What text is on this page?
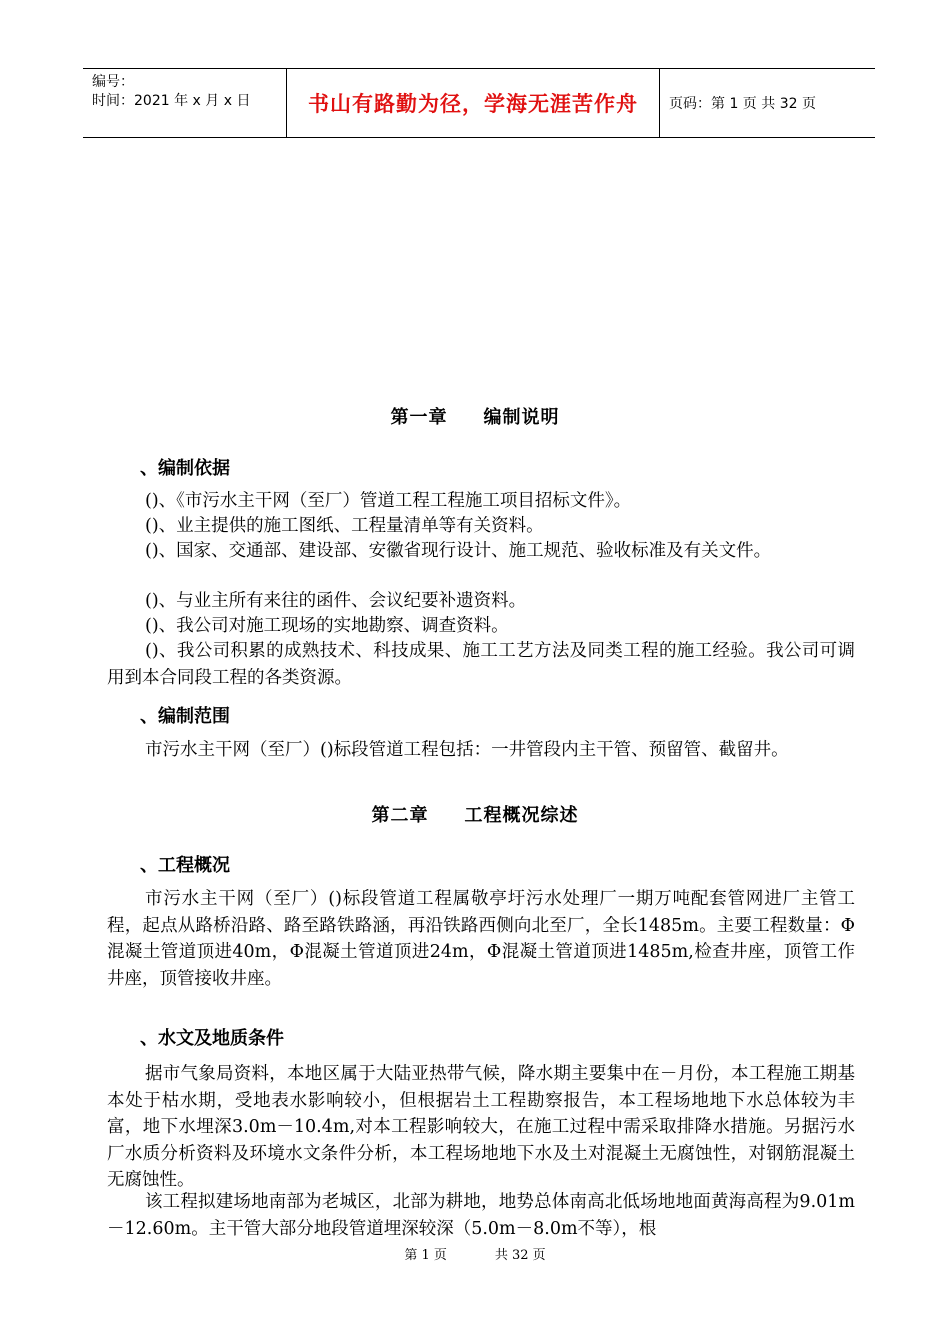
编号：
时间：2021 年 x 月 x 日	书山有路勤为径，学海无涯苦作舟	页码：第 1 页 共 32 页
第一章 编制说明
、编制依据
()、《市污水主干网（至厂）管道工程工程施工项目招标文件》。
()、业主提供的施工图纸、工程量清单等有关资料。
()、国家、交通部、建设部、安徽省现行设计、施工规范、验收标准及有关文件。
()、与业主所有来往的函件、会议纪要补遗资料。
()、我公司对施工现场的实地勘察、调查资料。
()、我公司积累的成熟技术、科技成果、施工工艺方法及同类工程的施工经验。我公司可调用到本合同段工程的各类资源。
、编制范围
市污水主干网（至厂）()标段管道工程包括：一井管段内主干管、预留管、截留井。
第二章 工程概况综述
、工程概况
市污水主干网（至厂）()标段管道工程属敬亭圩污水处理厂一期万吨配套管网进厂主管工程，起点从路桥沿路、路至路铁路涵，再沿铁路西侧向北至厂，全长1485m。主要工程数量：Φ混凝土管道顶进40m，Φ混凝土管道顶进24m，Φ混凝土管道顶进1485m,检查井座，顶管工作井座，顶管接收井座。
、水文及地质条件
据市气象局资料，本地区属于大陆亚热带气候，降水期主要集中在－月份，本工程施工期基本处于枯水期，受地表水影响较小，但根据岩土工程勘察报告，本工程场地地下水总体较为丰富，地下水埋深3.0m－10.4m,对本工程影响较大，在施工过程中需采取排降水措施。另据污水厂水质分析资料及环境水文条件分析，本工程场地地下水及土对混凝土无腐蚀性，对钢筋混凝土无腐蚀性。
该工程拟建场地南部为老城区，北部为耕地，地势总体南高北低场地地面黄海高程为9.01m－12.60m。主干管大部分地段管道埋深较深（5.0m－8.0m不等），根
第 1 页	共 32 页
